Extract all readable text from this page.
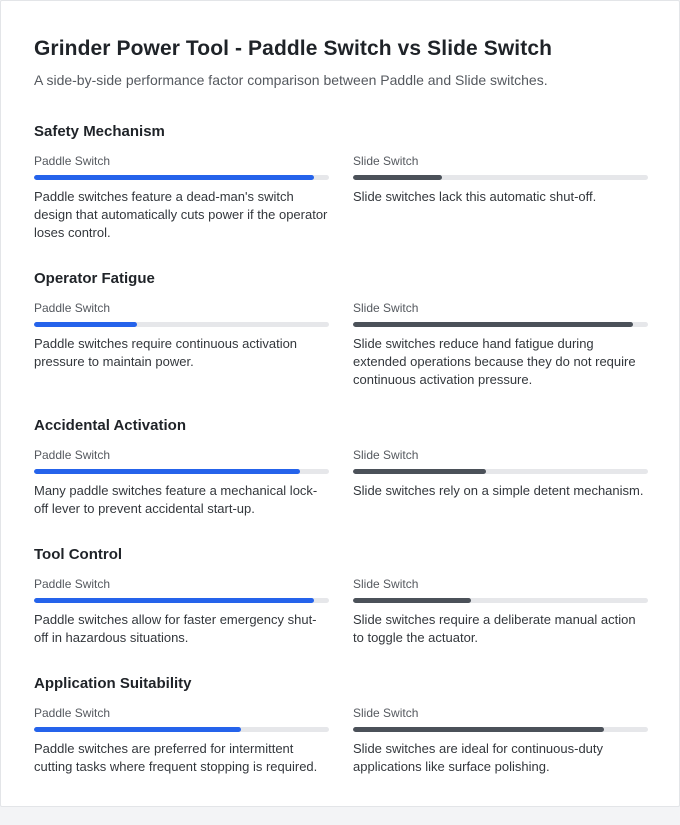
Grinder Power Tool - Paddle Switch vs Slide Switch
A side-by-side performance factor comparison between Paddle and Slide switches.
Safety Mechanism
Paddle Switch
Paddle switches feature a dead-man's switch design that automatically cuts power if the operator loses control.
Slide Switch
Slide switches lack this automatic shut-off.
Operator Fatigue
Paddle Switch
Paddle switches require continuous activation pressure to maintain power.
Slide Switch
Slide switches reduce hand fatigue during extended operations because they do not require continuous activation pressure.
Accidental Activation
Paddle Switch
Many paddle switches feature a mechanical lock-off lever to prevent accidental start-up.
Slide Switch
Slide switches rely on a simple detent mechanism.
Tool Control
Paddle Switch
Paddle switches allow for faster emergency shut-off in hazardous situations.
Slide Switch
Slide switches require a deliberate manual action to toggle the actuator.
Application Suitability
Paddle Switch
Paddle switches are preferred for intermittent cutting tasks where frequent stopping is required.
Slide Switch
Slide switches are ideal for continuous-duty applications like surface polishing.
